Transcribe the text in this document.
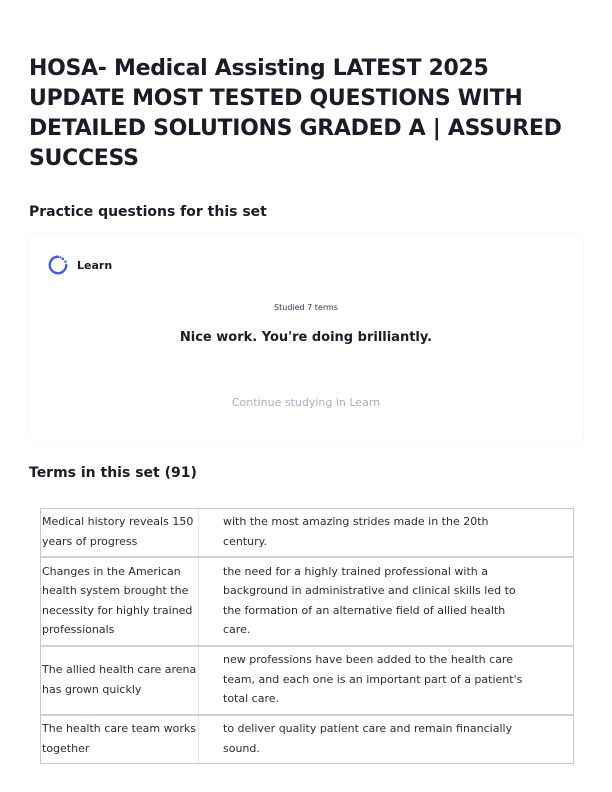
HOSA- Medical Assisting LATEST 2025 UPDATE MOST TESTED QUESTIONS WITH DETAILED SOLUTIONS GRADED A | ASSURED SUCCESS
Practice questions for this set
Learn
Studied 7 terms
Nice work. You're doing brilliantly.
Continue studying in Learn
Terms in this set (91)
Medical history reveals 150 years of progress
with the most amazing strides made in the 20th century.
Changes in the American health system brought the necessity for highly trained professionals
the need for a highly trained professional with a background in administrative and clinical skills led to the formation of an alternative field of allied health care.
The allied health care arena has grown quickly
new professions have been added to the health care team, and each one is an important part of a patient's total care.
The health care team works together
to deliver quality patient care and remain financially sound.
